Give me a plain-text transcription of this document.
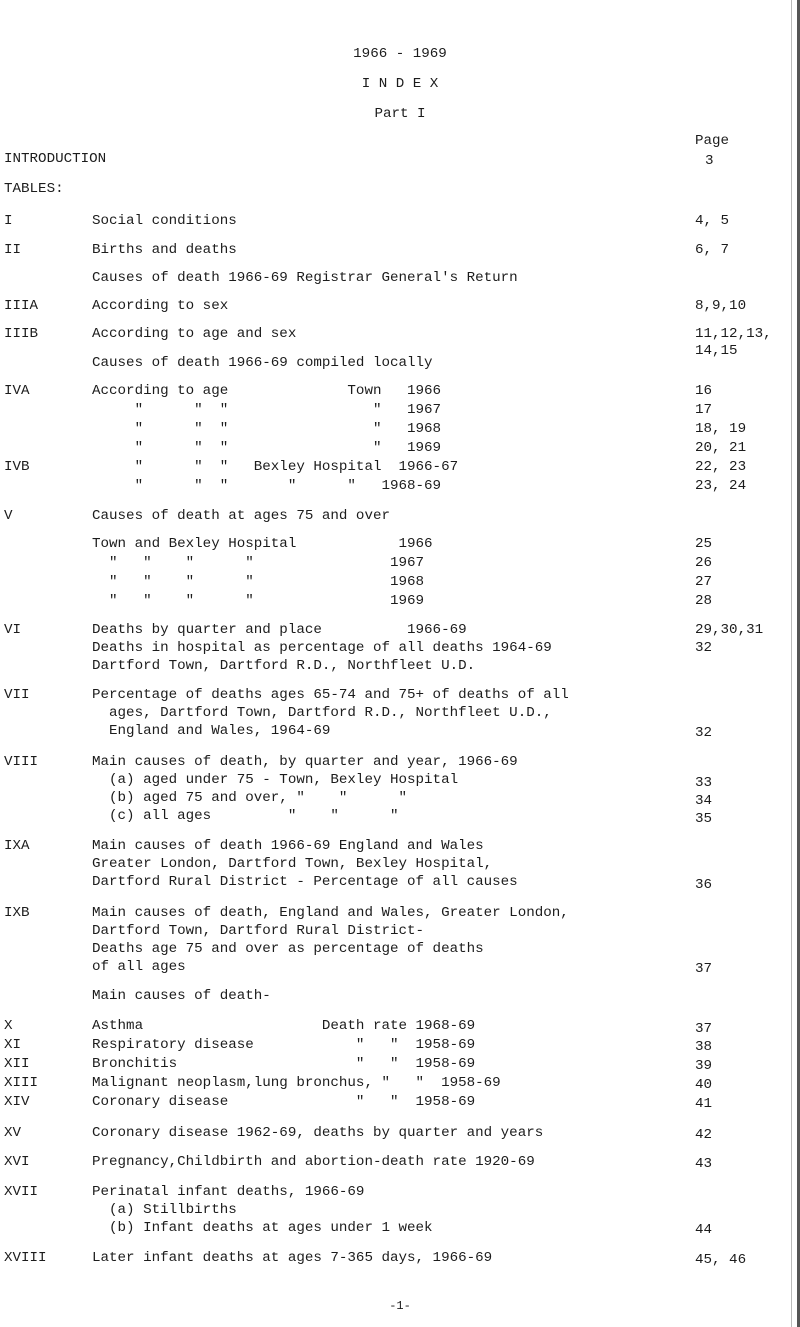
1966 - 1969
I N D E X
Part I
Page
INTRODUCTION	3
TABLES:
I	Social conditions	4, 5
II	Births and deaths	6, 7
Causes of death 1966-69 Registrar General's Return
IIIA	According to sex	8,9,10
IIIB	According to age and sex	11,12,13,
14,15
Causes of death 1966-69 compiled locally
IVA	According to age              Town   1966	16
"      "  "                 "   1967	17
"      "  "                 "   1968	18, 19
"      "  "                 "   1969	20, 21
IVB	"      "  "   Bexley Hospital  1966-67	22, 23
"      "  "       "      "   1968-69	23, 24
V	Causes of death at ages 75 and over
Town and Bexley Hospital            1966	25
"   "    "      "                1967	26
"   "    "      "                1968	27
"   "    "      "                1969	28
VI	Deaths by quarter and place          1966-69	29,30,31
Deaths in hospital as percentage of all deaths 1964-69	32
Dartford Town, Dartford R.D., Northfleet U.D.
VII	Percentage of deaths ages 65-74 and 75+ of deaths of all
ages, Dartford Town, Dartford R.D., Northfleet U.D.,
England and Wales, 1964-69	32
VIII	Main causes of death, by quarter and year, 1966-69
(a) aged under 75 - Town, Bexley Hospital	33
(b) aged 75 and over, "    "      "	34
(c) all ages         "    "      "	35
IXA	Main causes of death 1966-69 England and Wales
Greater London, Dartford Town, Bexley Hospital,
Dartford Rural District - Percentage of all causes	36
IXB	Main causes of death, England and Wales, Greater London,
Dartford Town, Dartford Rural District-
Deaths age 75 and over as percentage of deaths
of all ages	37
Main causes of death-
X	Asthma                     Death rate 1968-69	37
XI	Respiratory disease            "   "  1958-69	38
XII	Bronchitis                     "   "  1958-69	39
XIII	Malignant neoplasm,lung bronchus, "   "  1958-69	40
XIV	Coronary disease               "   "  1958-69	41
XV	Coronary disease 1962-69, deaths by quarter and years	42
XVI	Pregnancy,Childbirth and abortion-death rate 1920-69	43
XVII	Perinatal infant deaths, 1966-69
(a) Stillbirths
(b) Infant deaths at ages under 1 week	44
XVIII	Later infant deaths at ages 7-365 days, 1966-69	45, 46
-1-
